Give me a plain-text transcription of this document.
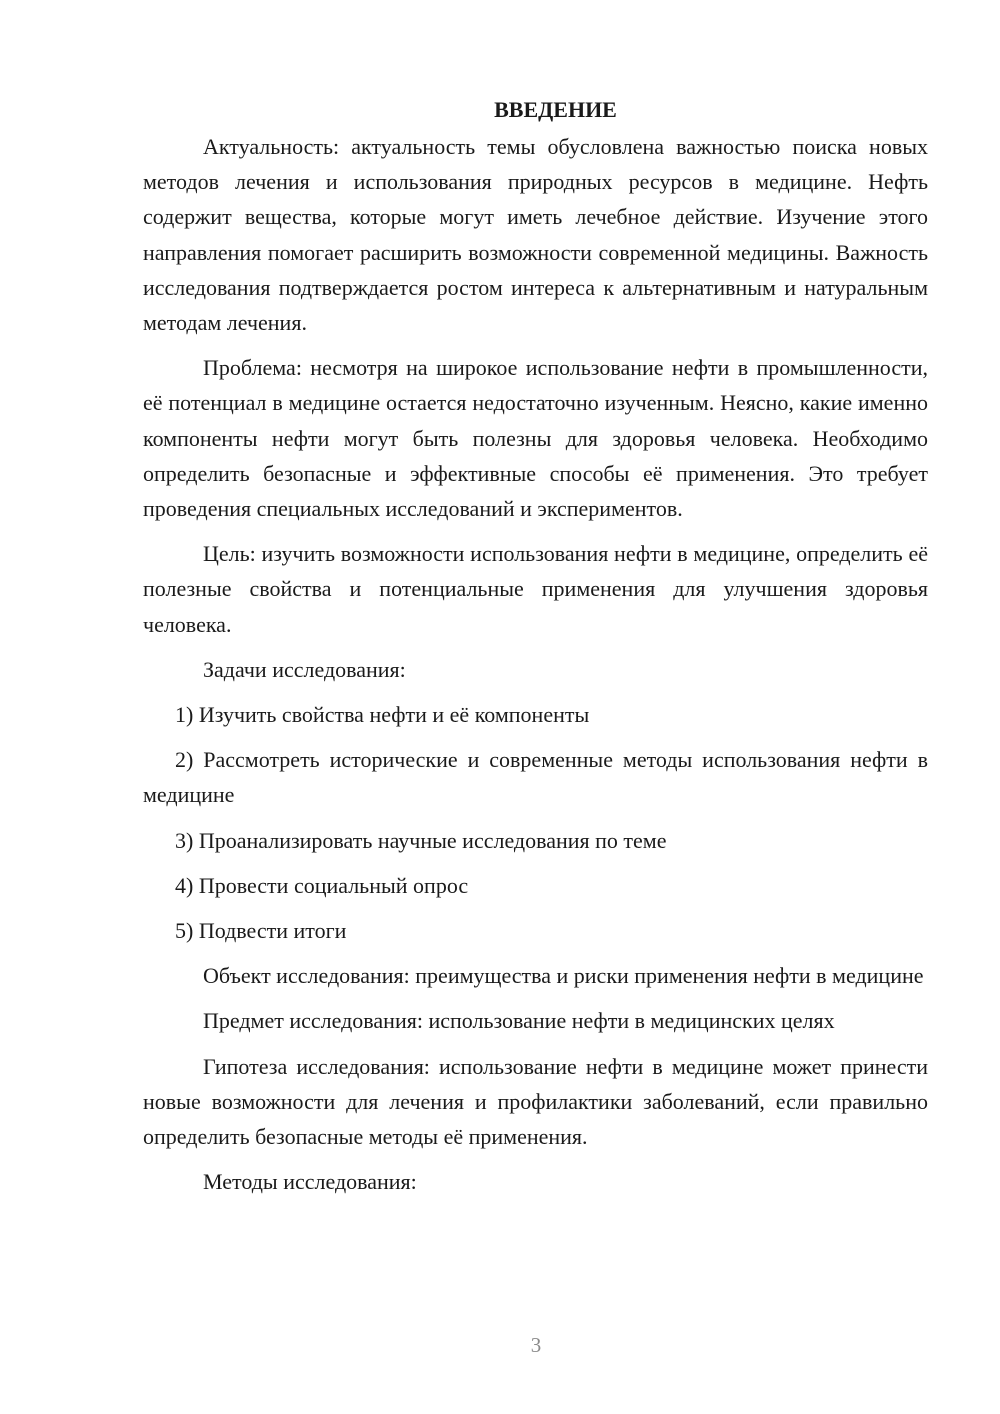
ВВЕДЕНИЕ

Актуальность: актуальность темы обусловлена важностью поиска новых методов лечения и использования природных ресурсов в медицине. Нефть содержит вещества, которые могут иметь лечебное действие. Изучение этого направления помогает расширить возможности современной медицины. Важность исследования подтверждается ростом интереса к альтернативным и натуральным методам лечения.

Проблема: несмотря на широкое использование нефти в промышленности, её потенциал в медицине остается недостаточно изученным. Неясно, какие именно компоненты нефти могут быть полезны для здоровья человека. Необходимо определить безопасные и эффективные способы её применения. Это требует проведения специальных исследований и экспериментов.

Цель: изучить возможности использования нефти в медицине, определить её полезные свойства и потенциальные применения для улучшения здоровья человека.

Задачи исследования:

1) Изучить свойства нефти и её компоненты

2) Рассмотреть исторические и современные методы использования нефти в медицине

3) Проанализировать научные исследования по теме

4) Провести социальный опрос

5) Подвести итоги

Объект исследования: преимущества и риски применения нефти в медицине

Предмет исследования: использование нефти в медицинских целях

Гипотеза исследования: использование нефти в медицине может принести новые возможности для лечения и профилактики заболеваний, если правильно определить безопасные методы её применения.

Методы исследования:

3
